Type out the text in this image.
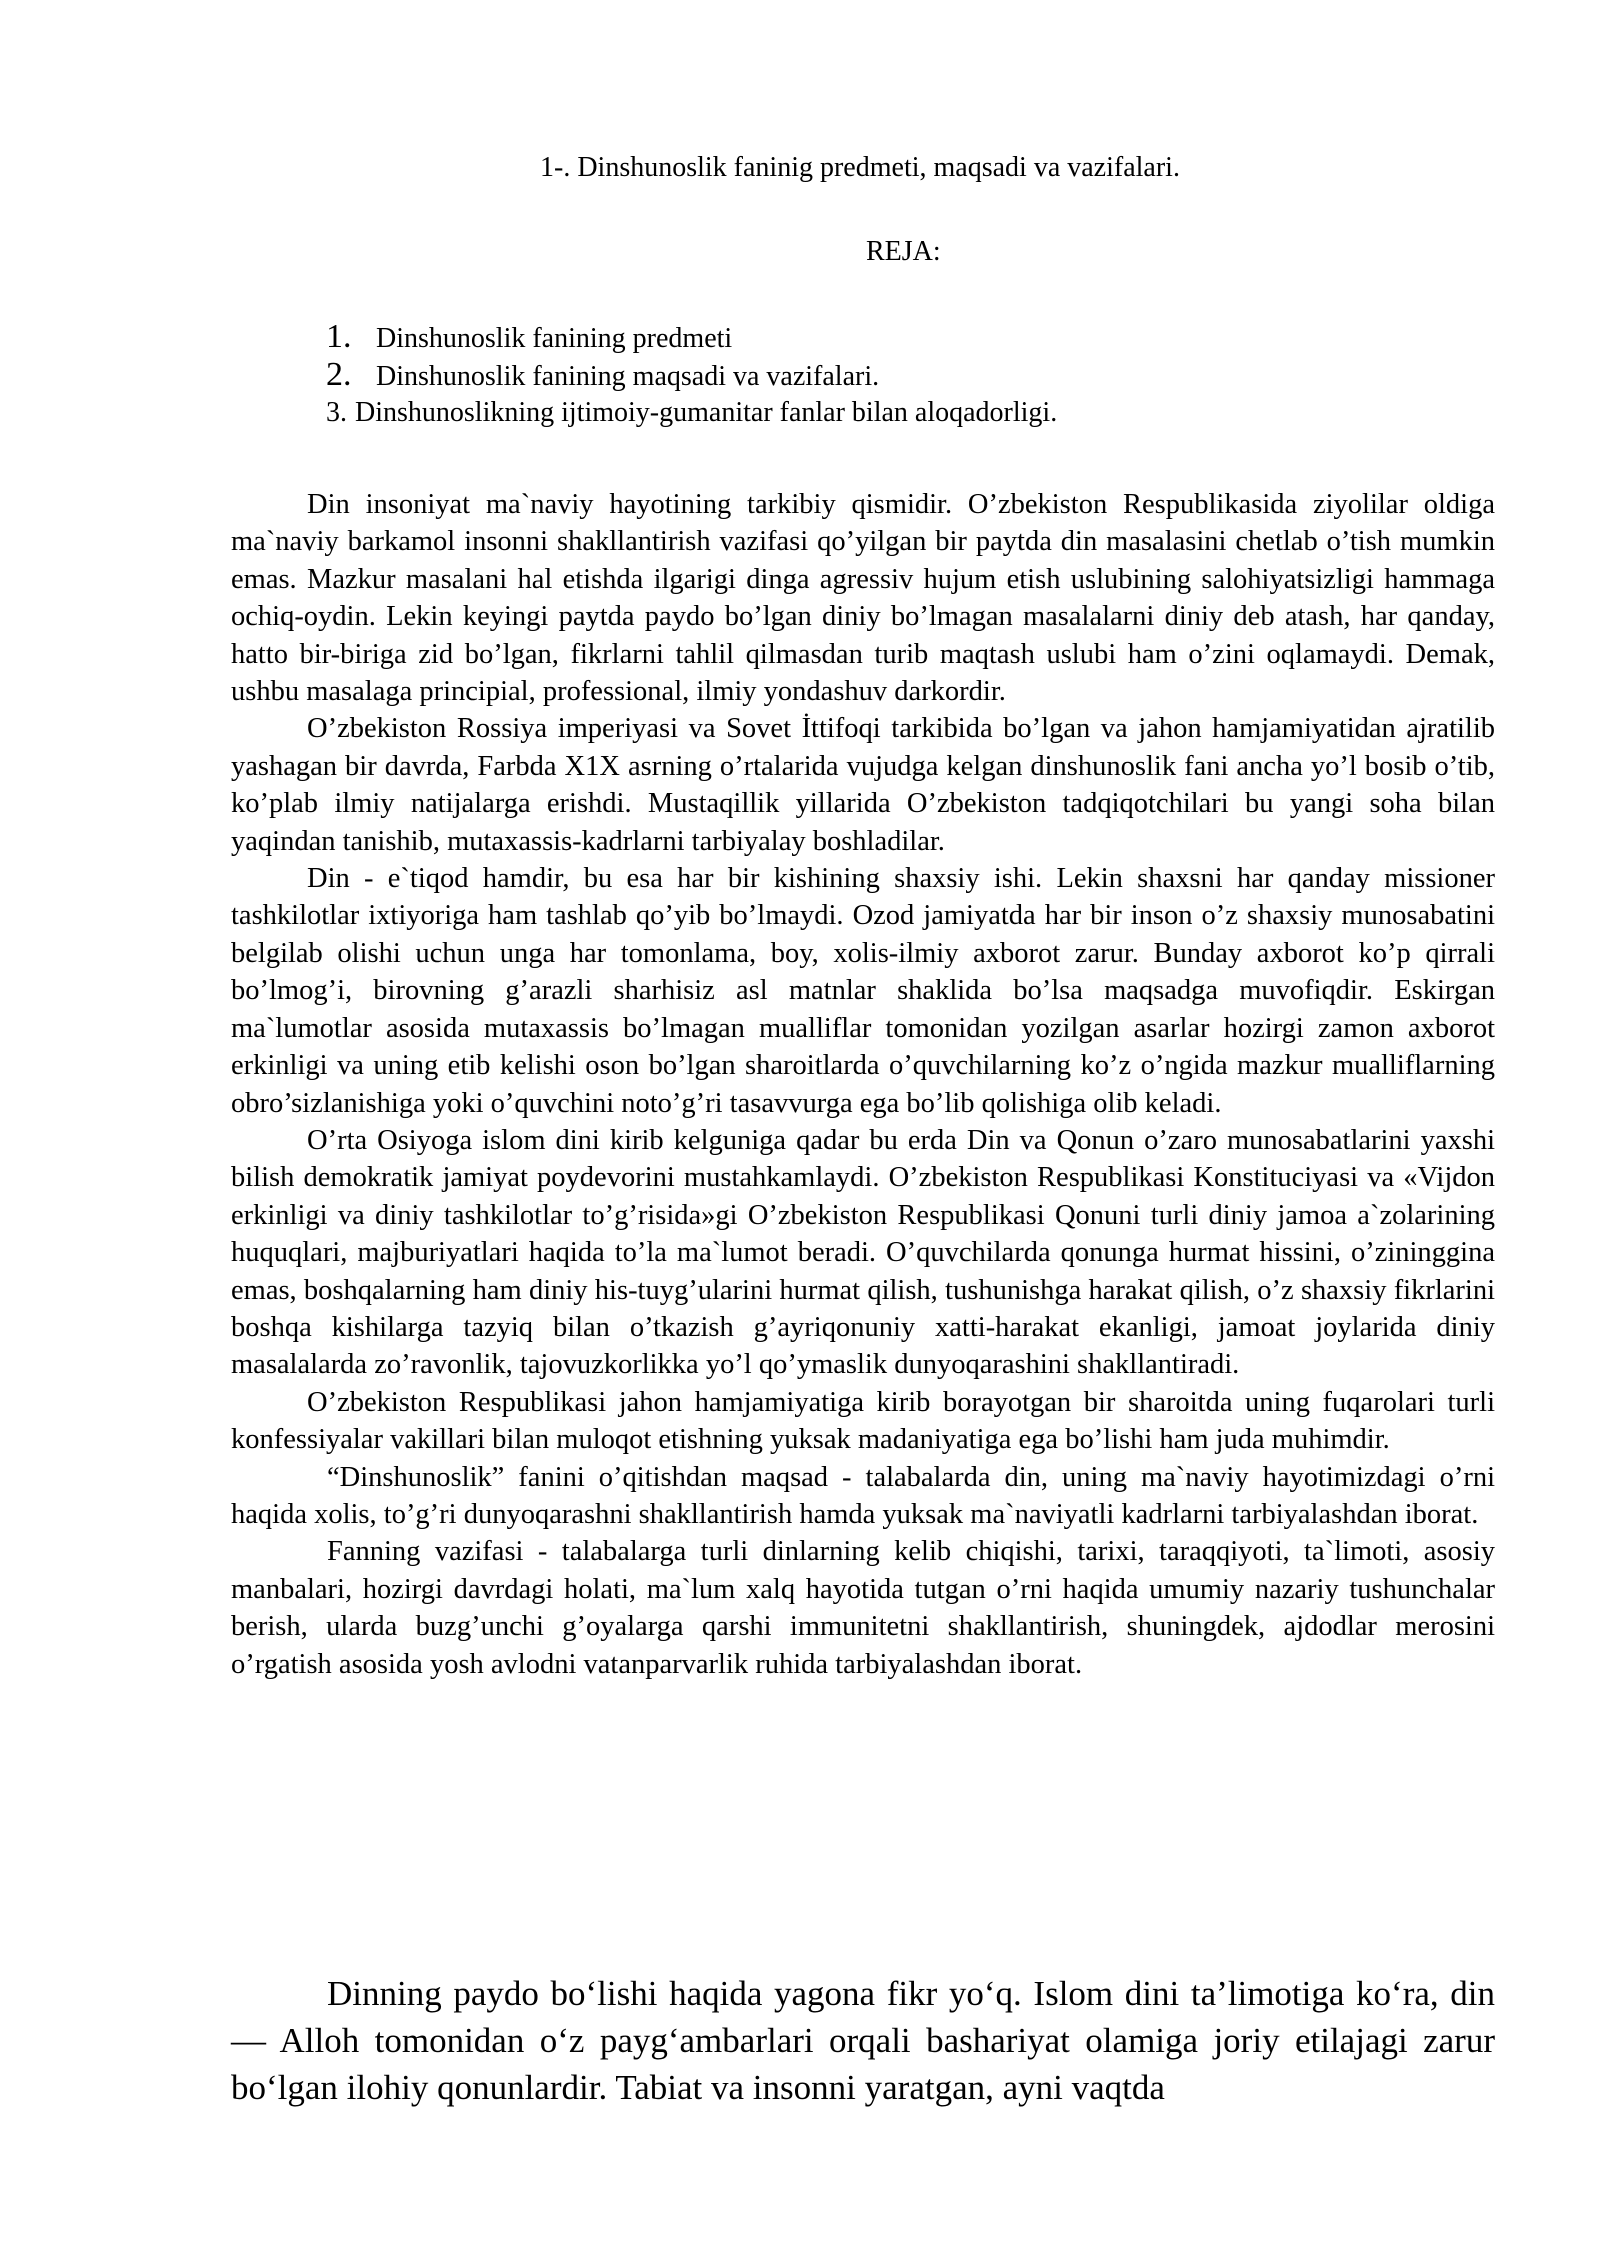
1-. Dinshunoslik faninig predmeti, maqsadi va vazifalari.
REJA:
1. Dinshunoslik fanining predmeti
2. Dinshunoslik fanining maqsadi va vazifalari.
3. Dinshunoslikning ijtimoiy-gumanitar fanlar bilan aloqadorligi.

Din insoniyat ma`naviy hayotining tarkibiy qismidir. O’zbekiston Respublikasida ziyolilar oldiga ma`naviy barkamol insonni shakllantirish vazifasi qo’yilgan bir paytda din masalasini chetlab o’tish mumkin emas. Mazkur masalani hal etishda ilgarigi dinga agressiv hujum etish uslubining salohiyatsizligi hammaga ochiq-oydin. Lekin keyingi paytda paydo bo’lgan diniy bo’lmagan masalalarni diniy deb atash, har qanday, hatto bir-biriga zid bo’lgan, fikrlarni tahlil qilmasdan turib maqtash uslubi ham o’zini oqlamaydi. Demak, ushbu masalaga principial, professional, ilmiy yondashuv darkordir.

O’zbekiston Rossiya imperiyasi va Sovet İttifoqi tarkibida bo’lgan va jahon hamjamiyatidan ajratilib yashagan bir davrda, Farbda X1X asrning o’rtalarida vujudga kelgan dinshunoslik fani ancha yo’l bosib o’tib, ko’plab ilmiy natijalarga erishdi. Mustaqillik yillarida O’zbekiston tadqiqotchilari bu yangi soha bilan yaqindan tanishib, mutaxassis-kadrlarni tarbiyalay boshladilar.

Din - e`tiqod hamdir, bu esa har bir kishining shaxsiy ishi. Lekin shaxsni har qanday missioner tashkilotlar ixtiyoriga ham tashlab qo’yib bo’lmaydi. Ozod jamiyatda har bir inson o’z shaxsiy munosabatini belgilab olishi uchun unga har tomonlama, boy, xolis-ilmiy axborot zarur. Bunday axborot ko’p qirrali bo’lmog’i, birovning g’arazli sharhisiz asl matnlar shaklida bo’lsa maqsadga muvofiqdir. Eskirgan ma`lumotlar asosida mutaxassis bo’lmagan mualliflar tomonidan yozilgan asarlar hozirgi zamon axborot erkinligi va uning etib kelishi oson bo’lgan sharoitlarda o’quvchilarning ko’z o’ngida mazkur mualliflarning obro’sizlanishiga yoki o’quvchini noto’g’ri tasavvurga ega bo’lib qolishiga olib keladi.

O’rta Osiyoga islom dini kirib kelguniga qadar bu erda Din va Qonun o’zaro munosabatlarini yaxshi bilish demokratik jamiyat poydevorini mustahkamlaydi. O’zbekiston Respublikasi Konstituciyasi va «Vijdon erkinligi va diniy tashkilotlar to’g’risida»gi O’zbekiston Respublikasi Qonuni turli diniy jamoa a`zolarining huquqlari, majburiyatlari haqida to’la ma`lumot beradi. O’quvchilarda qonunga hurmat hissini, o’zininggina emas, boshqalarning ham diniy his-tuyg’ularini hurmat qilish, tushunishga harakat qilish, o’z shaxsiy fikrlarini boshqa kishilarga tazyiq bilan o’tkazish g’ayriqonuniy xatti-harakat ekanligi, jamoat joylarida diniy masalalarda zo’ravonlik, tajovuzkorlikka yo’l qo’ymaslik dunyoqarashini shakllantiradi.

O’zbekiston Respublikasi jahon hamjamiyatiga kirib borayotgan bir sharoitda uning fuqarolari turli konfessiyalar vakillari bilan muloqot etishning yuksak madaniyatiga ega bo’lishi ham juda muhimdir.

“Dinshunoslik” fanini o’qitishdan maqsad - talabalarda din, uning ma`naviy hayotimizdagi o’rni haqida xolis, to’g’ri dunyoqarashni shakllantirish hamda yuksak ma`naviyatli kadrlarni tarbiyalashdan iborat.

Fanning vazifasi - talabalarga turli dinlarning kelib chiqishi, tarixi, taraqqiyoti, ta`limoti, asosiy manbalari, hozirgi davrdagi holati, ma`lum xalq hayotida tutgan o’rni haqida umumiy nazariy tushunchalar berish, ularda buzg’unchi g’oyalarga qarshi immunitetni shakllantirish, shuningdek, ajdodlar merosini o’rgatish asosida yosh avlodni vatanparvarlik ruhida tarbiyalashdan iborat.

Dinning paydo bo‘lishi haqida yagona fikr yo‘q. Islom dini ta’limotiga ko‘ra, din — Alloh tomonidan o‘z payg‘ambarlari orqali bashariyat olamiga joriy etilajagi zarur bo‘lgan ilohiy qonunlardir. Tabiat va insonni yaratgan, ayni vaqtda
